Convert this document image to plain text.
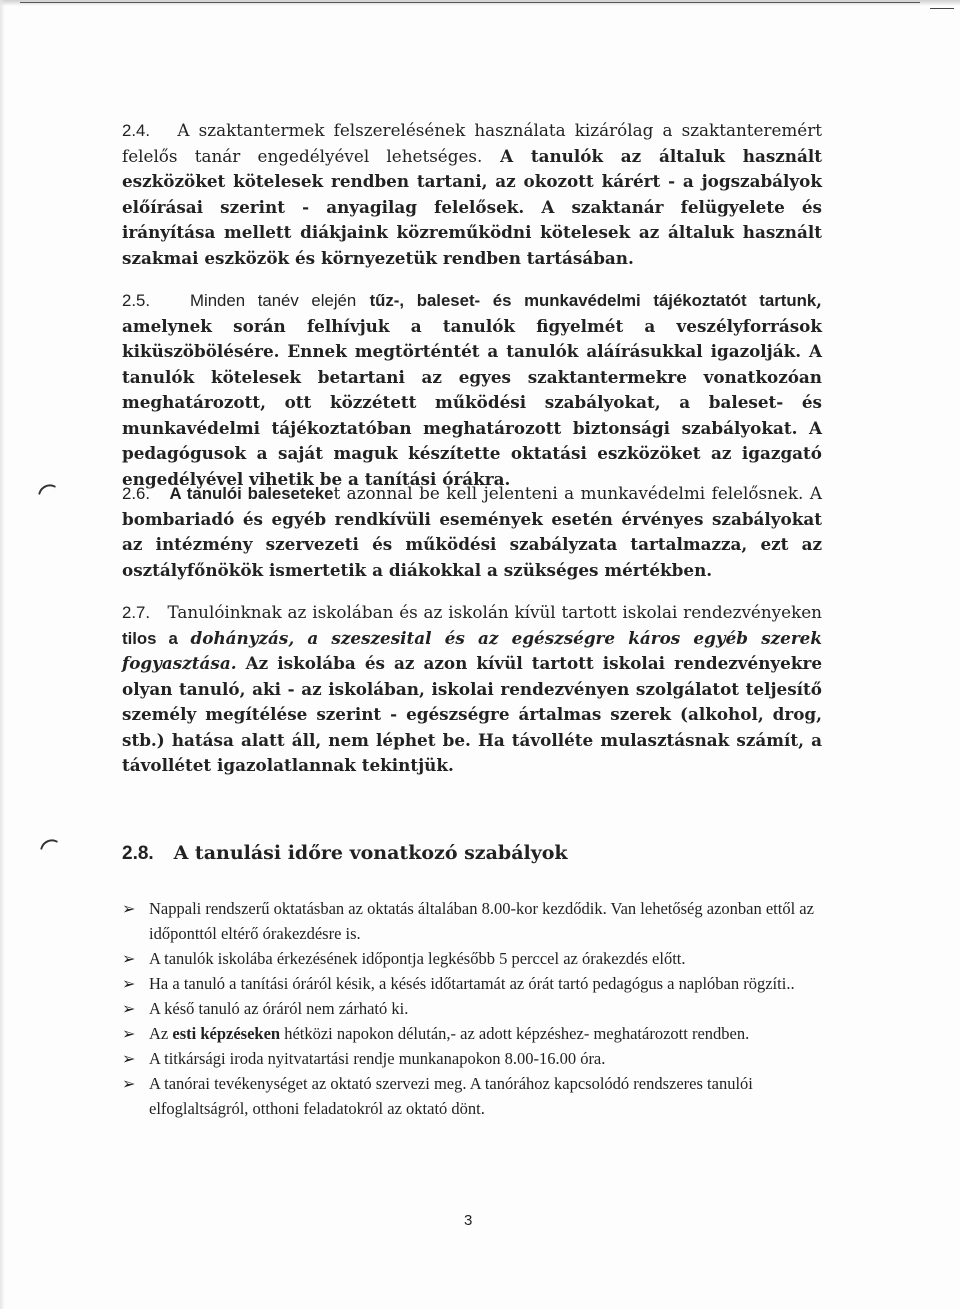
2.4. A szaktantermek felszerelésének használata kizárólag a szaktanteremért felelős tanár engedélyével lehetséges. A tanulók az általuk használt eszközöket kötelesek rendben tartani, az okozott kárért - a jogszabályok előírásai szerint - anyagilag felelősek. A szaktanár felügyelete és irányítása mellett diákjaink közreműködni kötelesek az általuk használt szakmai eszközök és környezetük rendben tartásában.

2.5. Minden tanév elején tűz-, baleset- és munkavédelmi tájékoztatót tartunk, amelynek során felhívjuk a tanulók figyelmét a veszélyforrások kiküszöbölésére. Ennek megtörténtét a tanulók aláírásukkal igazolják. A tanulók kötelesek betartani az egyes szaktantermekre vonatkozóan meghatározott, ott közzétett működési szabályokat, a baleset- és munkavédelmi tájékoztatóban meghatározott biztonsági szabályokat. A pedagógusok a saját maguk készítette oktatási eszközöket az igazgató engedélyével vihetik be a tanítási órákra.

2.6. A tanulói baleseteket azonnal be kell jelenteni a munkavédelmi felelősnek. A bombariadó és egyéb rendkívüli események esetén érvényes szabályokat az intézmény szervezeti és működési szabályzata tartalmazza, ezt az osztályfőnökök ismertetik a diákokkal a szükséges mértékben.

2.7. Tanulóinknak az iskolában és az iskolán kívül tartott iskolai rendezvényeken tilos a dohányzás, a szeszesital és az egészségre káros egyéb szerek fogyasztása. Az iskolába és az azon kívül tartott iskolai rendezvényekre olyan tanuló, aki - az iskolában, iskolai rendezvényen szolgálatot teljesítő személy megítélése szerint - egészségre ártalmas szerek (alkohol, drog, stb.) hatása alatt áll, nem léphet be. Ha távolléte mulasztásnak számít, a távollétet igazolatlannak tekintjük.

2.8. A tanulási időre vonatkozó szabályok
➢ Nappali rendszerű oktatásban az oktatás általában 8.00-kor kezdődik. Van lehetőség azonban ettől az időponttól eltérő órakezdésre is.
➢ A tanulók iskolába érkezésének időpontja legkésőbb 5 perccel az órakezdés előtt.
➢ Ha a tanuló a tanítási óráról késik, a késés időtartamát az órát tartó pedagógus a naplóban rögzíti..
➢ A késő tanuló az óráról nem zárható ki.
➢ Az esti képzéseken hétközi napokon délután,- az adott képzéshez- meghatározott rendben.
➢ A titkársági iroda nyitvatartási rendje munkanapokon 8.00-16.00 óra.
➢ A tanórai tevékenységet az oktató szervezi meg. A tanórához kapcsolódó rendszeres tanulói elfoglaltságról, otthoni feladatokról az oktató dönt.
3
